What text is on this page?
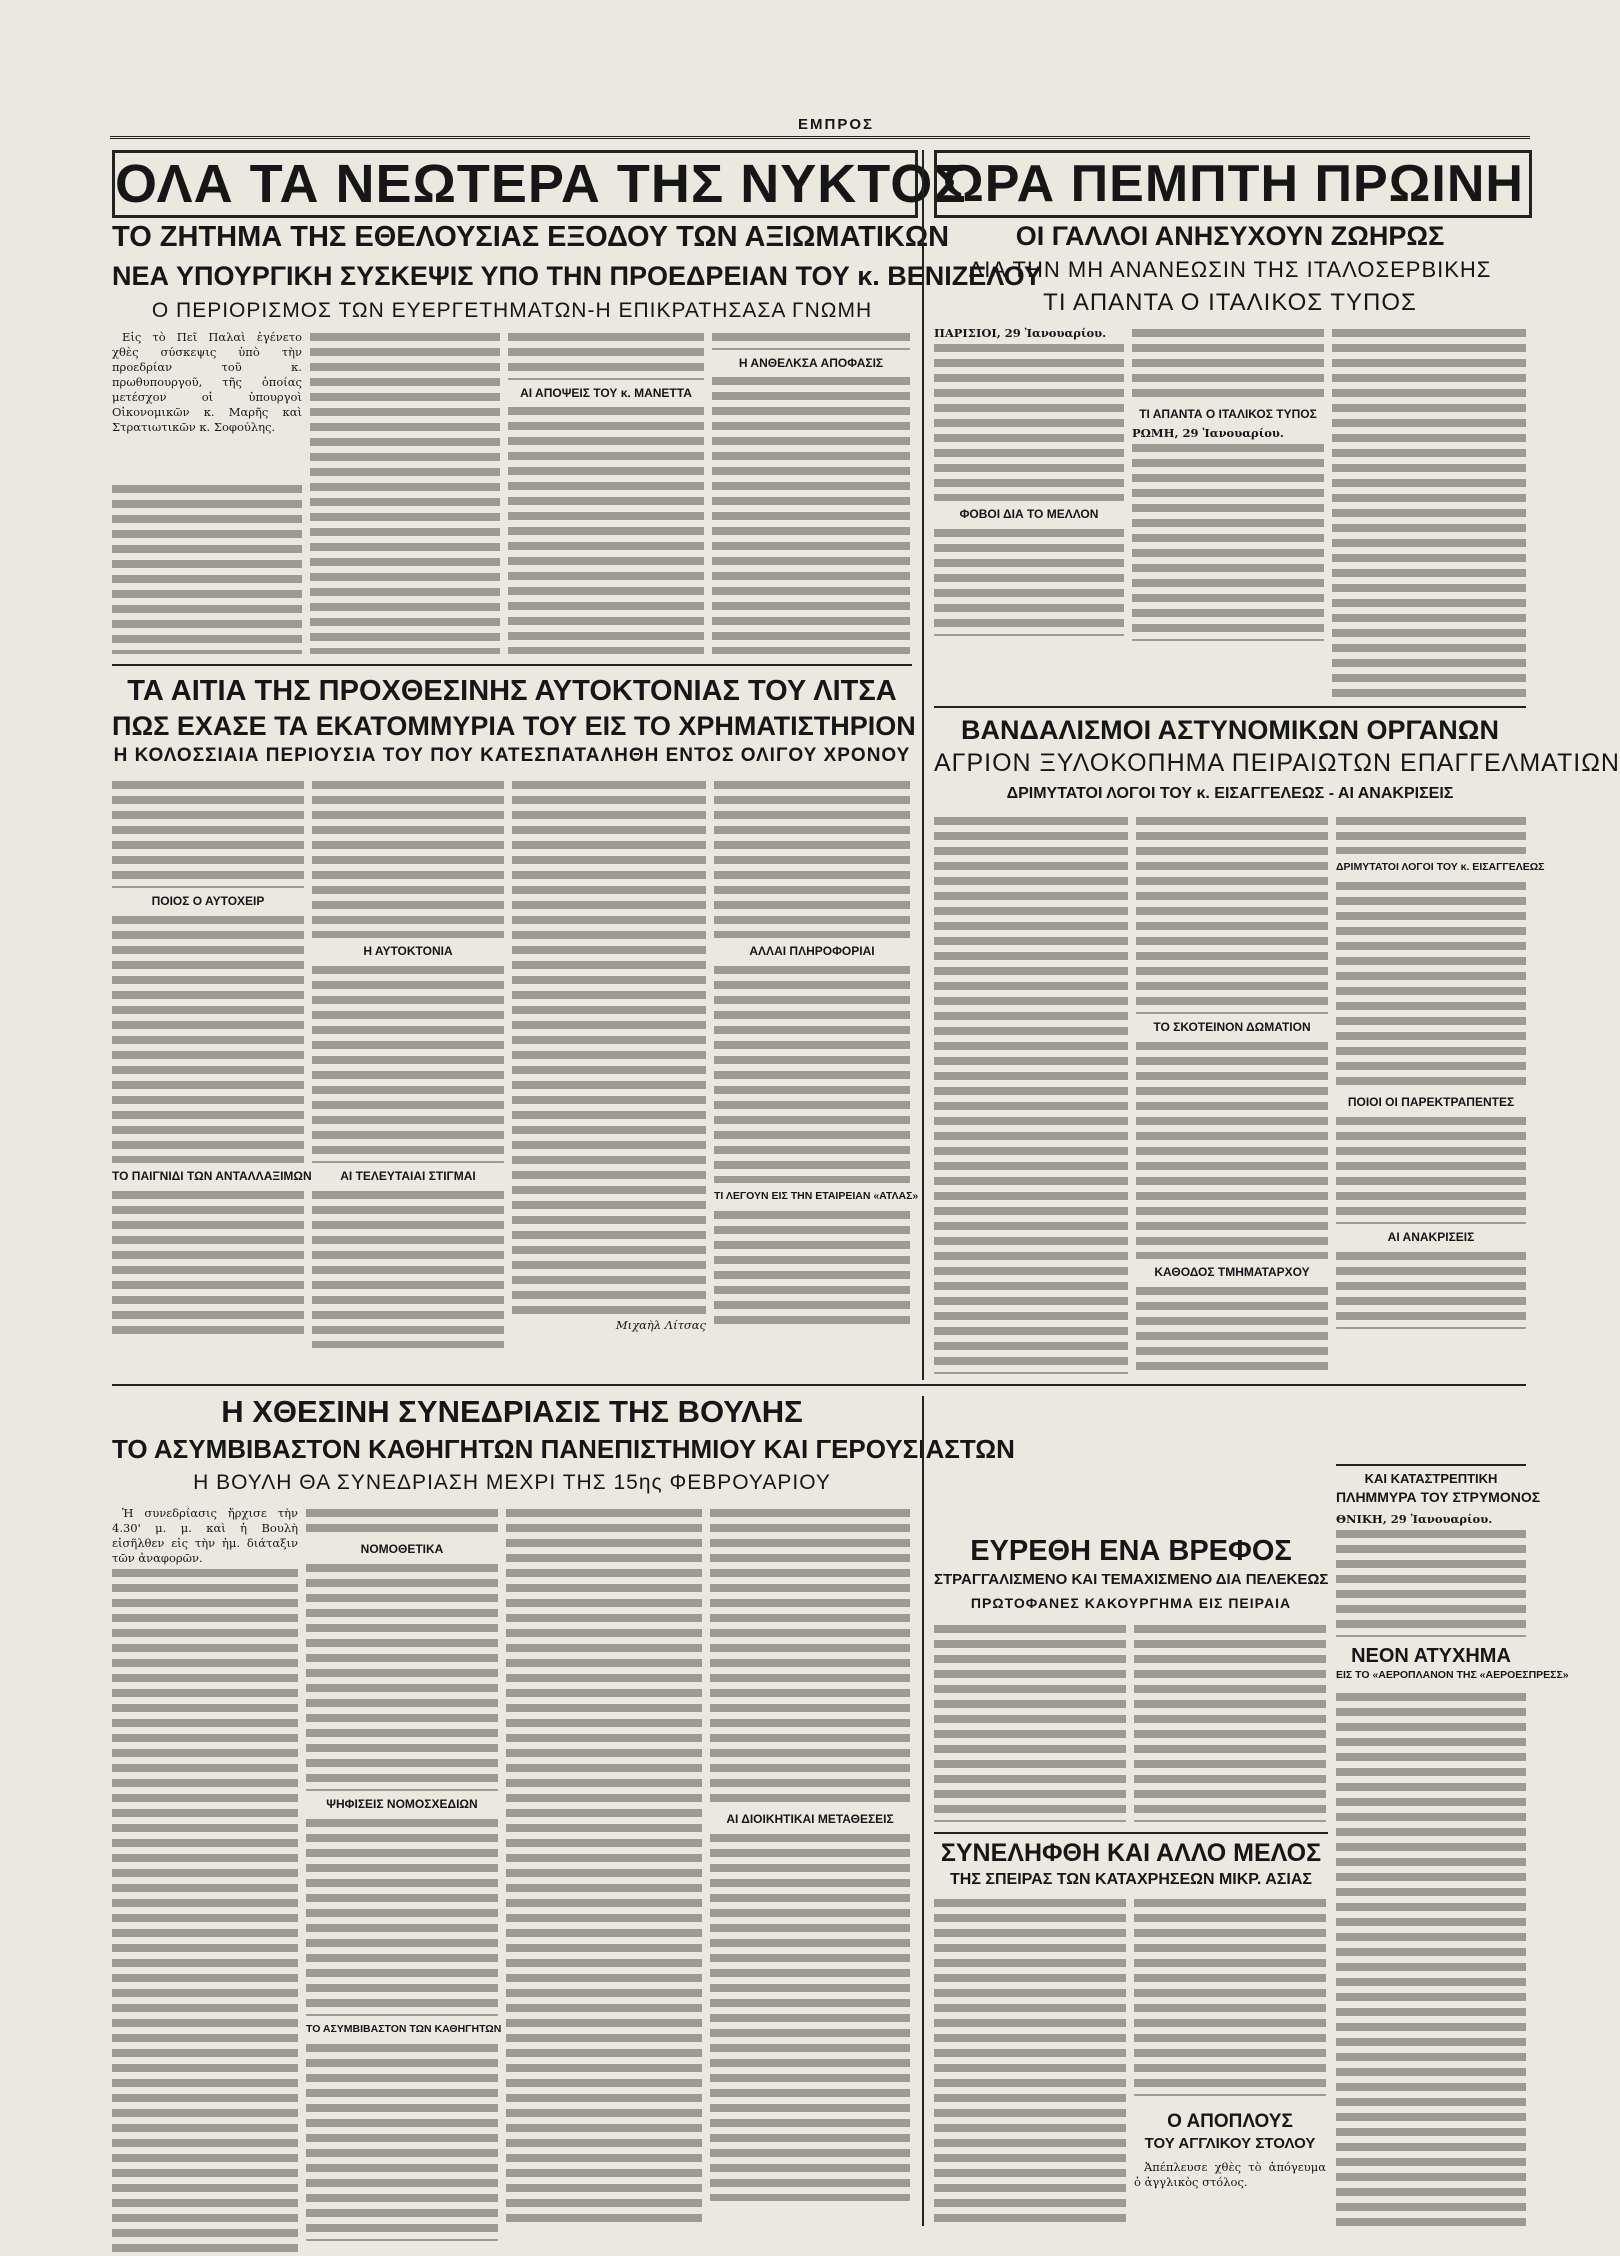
ΕΜΠΡΟΣ
ΟΛΑ ΤΑ ΝΕΩΤΕΡΑ ΤΗΣ ΝΥΚΤΟΣ
ΤΟ ΖΗΤΗΜΑ ΤΗΣ ΕΘΕΛΟΥΣΙΑΣ ΕΞΟΔΟΥ ΤΩΝ ΑΞΙΩΜΑΤΙΚΩΝ
ΝΕΑ ΥΠΟΥΡΓΙΚΗ ΣΥΣΚΕΨΙΣ ΥΠΟ ΤΗΝ ΠΡΟΕΔΡΕΙΑΝ ΤΟΥ κ. ΒΕΝΙΖΕΛΟΥ
Ο ΠΕΡΙΟΡΙΣΜΟΣ ΤΩΝ ΕΥΕΡΓΕΤΗΜΑΤΩΝ-Η ΕΠΙΚΡΑΤΗΣΑΣΑ ΓΝΩΜΗ

Εἰς τὸ Πεῖ Παλαὶ ἐγένετο χθὲς σύσκεψις ὑπὸ τὴν προεδρίαν τοῦ κ. πρωθυπουργοῦ, τῆς ὁποίας μετέσχον οἱ ὑπουργοὶ Οἰκονομικῶν κ. Μαρῆς καὶ Στρατιωτικῶν κ. Σοφούλης.

ΑΙ ΑΠΟΨΕΙΣ ΤΟΥ κ. ΜΑΝΕΤΤΑ
Η ΑΝΘΕΛΚΣΑ ΑΠΟΦΑΣΙΣ
ΩΡΑ ΠΕΜΠΤΗ ΠΡΩΙΝΗ
ΟΙ ΓΑΛΛΟΙ ΑΝΗΣΥΧΟΥΝ ΖΩΗΡΩΣ
ΔΙΑ ΤΗΝ ΜΗ ΑΝΑΝΕΩΣΙΝ ΤΗΣ ΙΤΑΛΟΣΕΡΒΙΚΗΣ
ΤΙ ΑΠΑΝΤΑ Ο ΙΤΑΛΙΚΟΣ ΤΥΠΟΣ
ΠΑΡΙΣΙΟΙ, 29 Ἰανουαρίου.
ΦΟΒΟΙ ΔΙΑ ΤΟ ΜΕΛΛΟΝ
ΤΙ ΑΠΑΝΤΑ Ο ΙΤΑΛΙΚΟΣ ΤΥΠΟΣ
ΡΩΜΗ, 29 Ἰανουαρίου.
ΤΑ ΑΙΤΙΑ ΤΗΣ ΠΡΟΧΘΕΣΙΝΗΣ ΑΥΤΟΚΤΟΝΙΑΣ ΤΟΥ ΛΙΤΣΑ
ΠΩΣ ΕΧΑΣΕ ΤΑ ΕΚΑΤΟΜΜΥΡΙΑ ΤΟΥ ΕΙΣ ΤΟ ΧΡΗΜΑΤΙΣΤΗΡΙΟΝ
Η ΚΟΛΟΣΣΙΑΙΑ ΠΕΡΙΟΥΣΙΑ ΤΟΥ ΠΟΥ ΚΑΤΕΣΠΑΤΑΛΗΘΗ ΕΝΤΟΣ ΟΛΙΓΟΥ ΧΡΟΝΟΥ
ΠΟΙΟΣ Ο ΑΥΤΟΧΕΙΡ
ΤΟ ΠΑΙΓΝΙΔΙ ΤΩΝ ΑΝΤΑΛΛΑΞΙΜΩΝ
Η ΑΥΤΟΚΤΟΝΙΑ
ΑΙ ΤΕΛΕΥΤΑΙΑΙ ΣΤΙΓΜΑΙ
Μιχαὴλ Λίτσας
ΑΛΛΑΙ ΠΛΗΡΟΦΟΡΙΑΙ
ΤΙ ΛΕΓΟΥΝ ΕΙΣ ΤΗΝ ΕΤΑΙΡΕΙΑΝ «ΑΤΛΑΣ»
ΒΑΝΔΑΛΙΣΜΟΙ ΑΣΤΥΝΟΜΙΚΩΝ ΟΡΓΑΝΩΝ
ΑΓΡΙΟΝ ΞΥΛΟΚΟΠΗΜΑ ΠΕΙΡΑΙΩΤΩΝ ΕΠΑΓΓΕΛΜΑΤΙΩΝ
ΔΡΙΜΥΤΑΤΟΙ ΛΟΓΟΙ ΤΟΥ κ. ΕΙΣΑΓΓΕΛΕΩΣ - ΑΙ ΑΝΑΚΡΙΣΕΙΣ
ΤΟ ΣΚΟΤΕΙΝΟΝ ΔΩΜΑΤΙΟΝ
ΚΑΘΟΔΟΣ ΤΜΗΜΑΤΑΡΧΟΥ
ΔΡΙΜΥΤΑΤΟΙ ΛΟΓΟΙ ΤΟΥ κ. ΕΙΣΑΓΓΕΛΕΩΣ
ΠΟΙΟΙ ΟΙ ΠΑΡΕΚΤΡΑΠΕΝΤΕΣ
ΑΙ ΑΝΑΚΡΙΣΕΙΣ
Η ΧΘΕΣΙΝΗ ΣΥΝΕΔΡΙΑΣΙΣ ΤΗΣ ΒΟΥΛΗΣ
ΤΟ ΑΣΥΜΒΙΒΑΣΤΟΝ ΚΑΘΗΓΗΤΩΝ ΠΑΝΕΠΙΣΤΗΜΙΟΥ ΚΑΙ ΓΕΡΟΥΣΙΑΣΤΩΝ
Η ΒΟΥΛΗ ΘΑ ΣΥΝΕΔΡΙΑΣΗ ΜΕΧΡΙ ΤΗΣ 15ης ΦΕΒΡΟΥΑΡΙΟΥ

Ἡ συνεδρίασις ἤρχισε τὴν 4.30' μ. μ. καὶ ἡ Βουλὴ εἰσῆλθεν εἰς τὴν ἡμ. διάταξιν τῶν ἀναφορῶν.

ΝΟΜΟΘΕΤΙΚΑ
ΨΗΦΙΣΕΙΣ ΝΟΜΟΣΧΕΔΙΩΝ
ΤΟ ΑΣΥΜΒΙΒΑΣΤΟΝ ΤΩΝ ΚΑΘΗΓΗΤΩΝ
ΑΙ ΔΙΟΙΚΗΤΙΚΑΙ ΜΕΤΑΘΕΣΕΙΣ
ΕΥΡΕΘΗ ΕΝΑ ΒΡΕΦΟΣ
ΣΤΡΑΓΓΑΛΙΣΜΕΝΟ ΚΑΙ ΤΕΜΑΧΙΣΜΕΝΟ ΔΙΑ ΠΕΛΕΚΕΩΣ
ΠΡΩΤΟΦΑΝΕΣ ΚΑΚΟΥΡΓΗΜΑ ΕΙΣ ΠΕΙΡΑΙΑ
ΚΑΙ ΚΑΤΑΣΤΡΕΠΤΙΚΗ
ΠΛΗΜΜΥΡΑ ΤΟΥ ΣΤΡΥΜΟΝΟΣ
ΘΝΙΚΗ, 29 Ἰανουαρίου.
ΝΕΟΝ ΑΤΥΧΗΜΑ
ΕΙΣ ΤΟ «ΑΕΡΟΠΛΑΝΟΝ ΤΗΣ «ΑΕΡΟΕΣΠΡΕΣΣ»
ΣΥΝΕΛΗΦΘΗ ΚΑΙ ΑΛΛΟ ΜΕΛΟΣ
ΤΗΣ ΣΠΕΙΡΑΣ ΤΩΝ ΚΑΤΑΧΡΗΣΕΩΝ ΜΙΚΡ. ΑΣΙΑΣ
Ο ΑΠΟΠΛΟΥΣ
ΤΟΥ ΑΓΓΛΙΚΟΥ ΣΤΟΛΟΥ

Ἀπέπλευσε χθὲς τὸ ἀπόγευμα ὁ ἀγγλικὸς στόλος.
